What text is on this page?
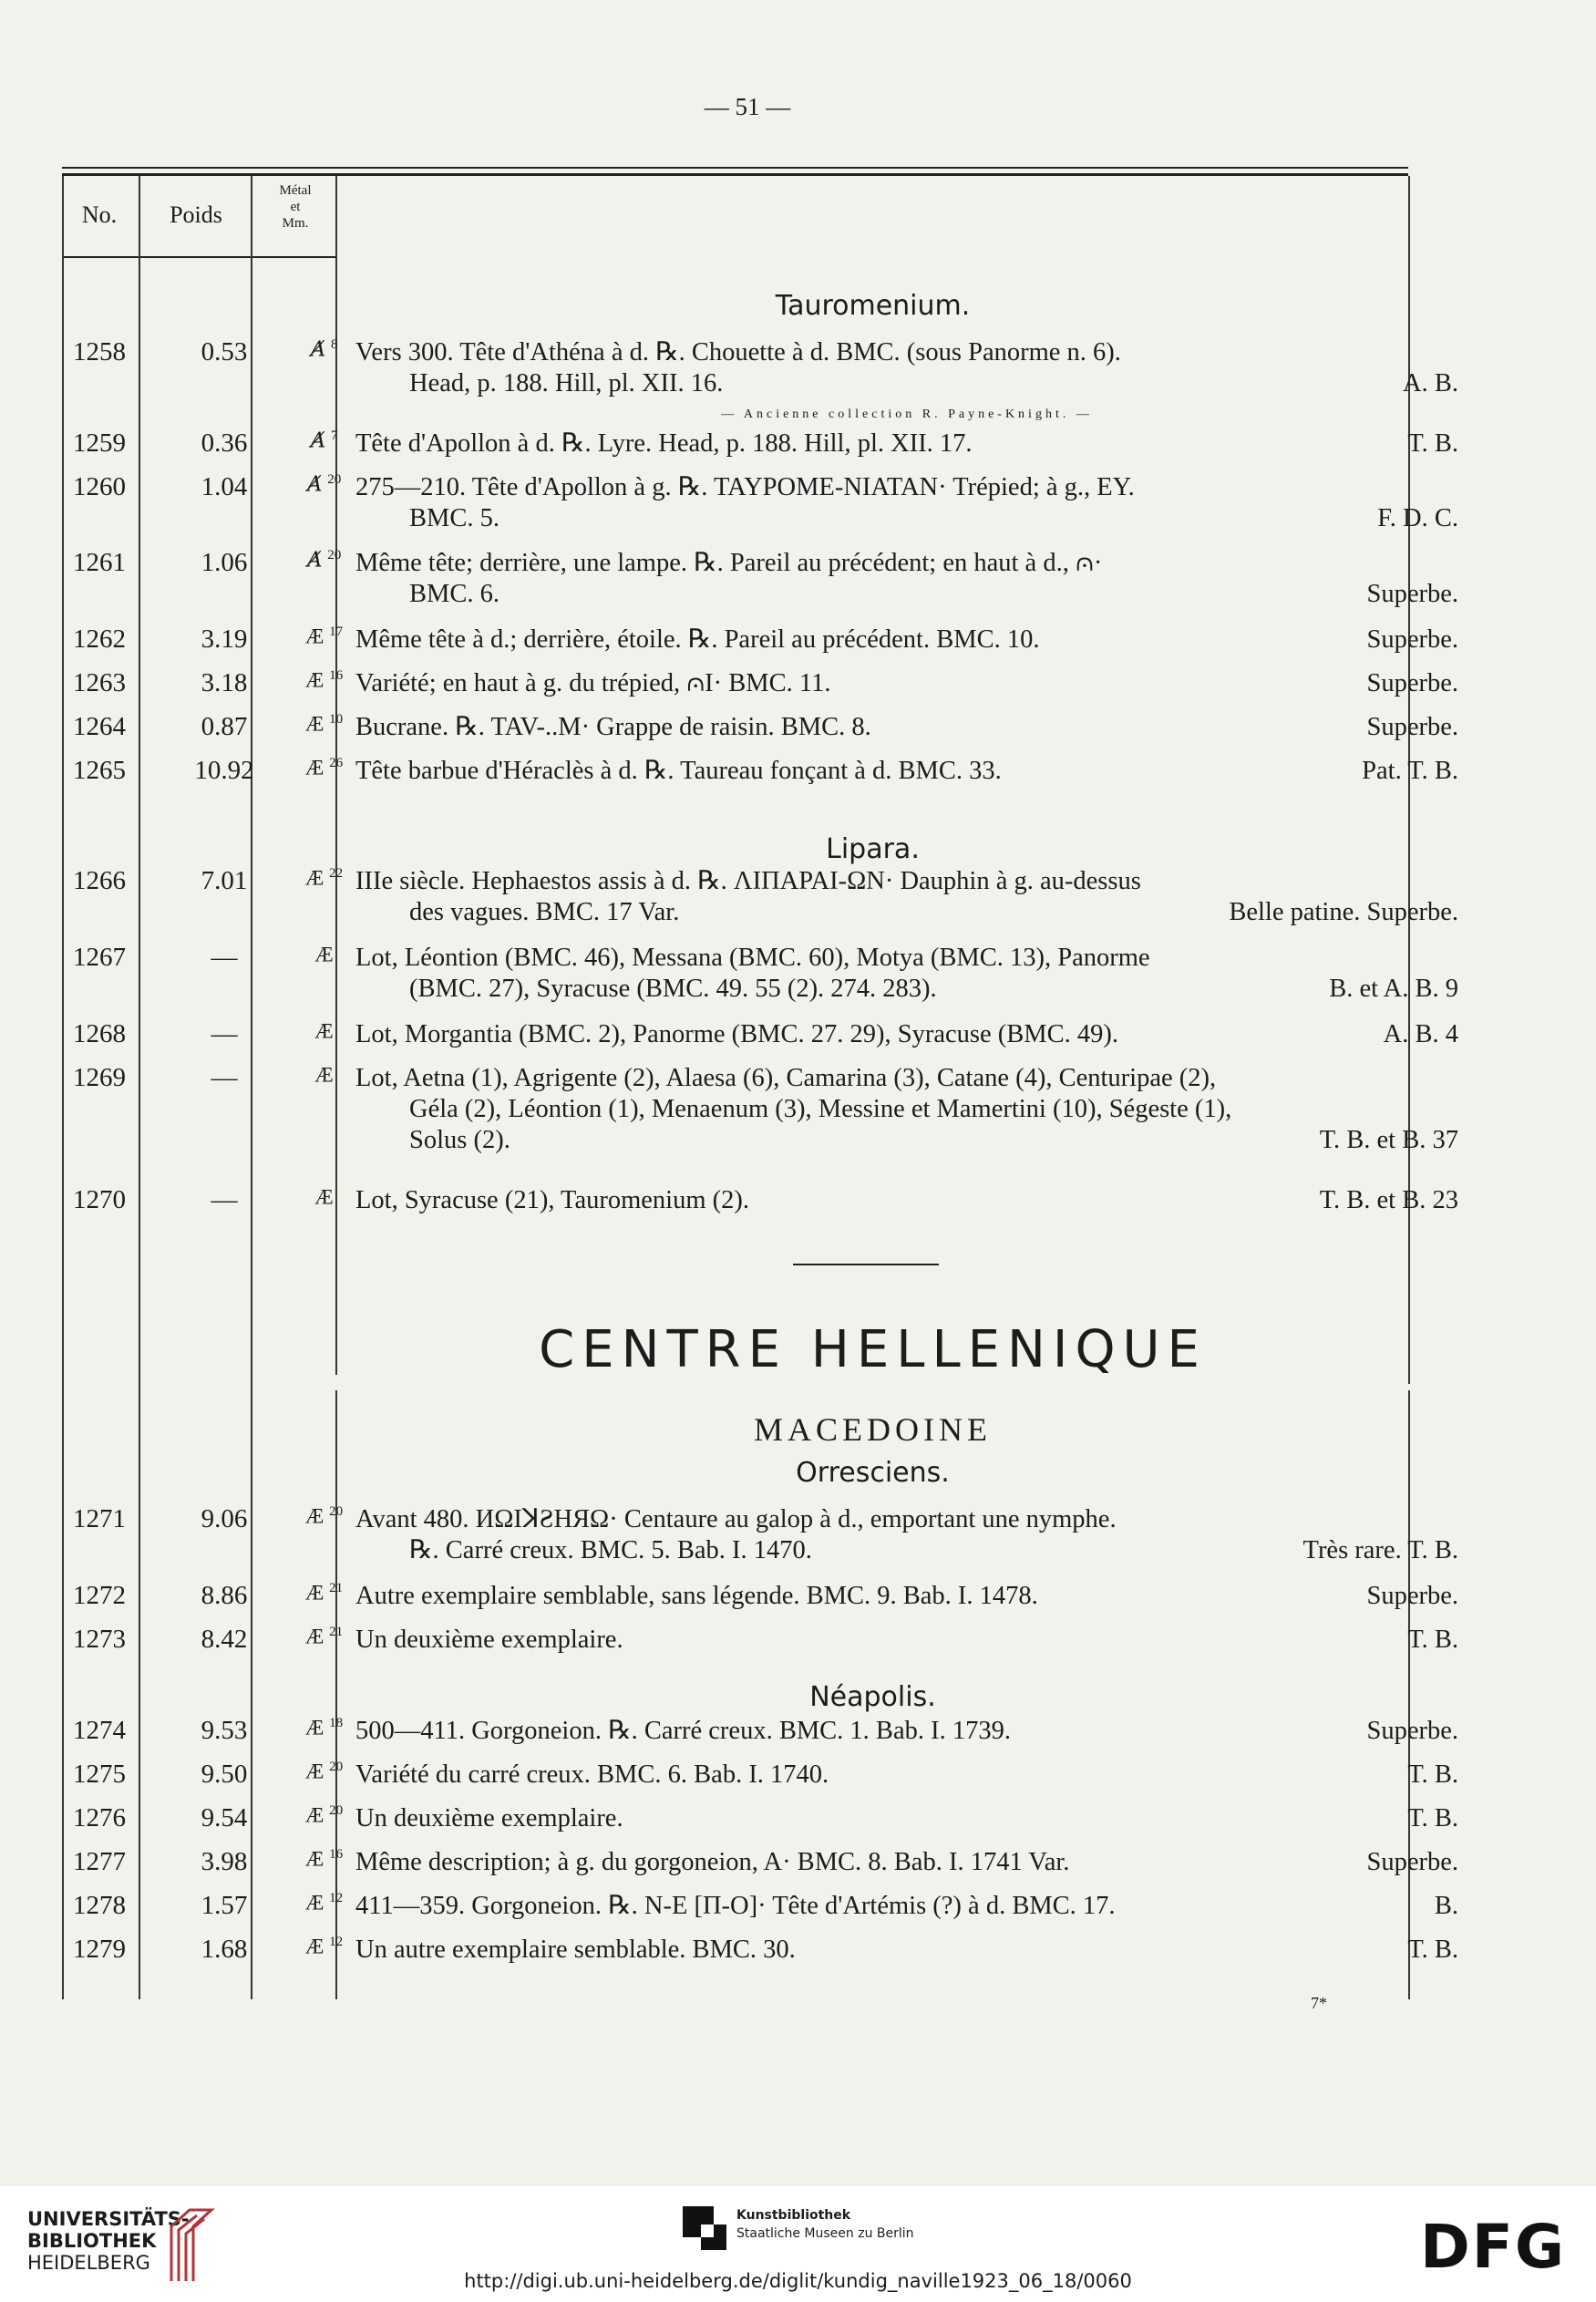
— 51 —
No.	Poids
Métal
et
Mm.
Tauromenium.
Lipara.
CENTRE HELLENIQUE
MACEDOINE
Orresciens.
Néapolis.
1258	0.53	𝐴̸ $^8$ Vers 300. Tête d'Athéna à d. ℞. Chouette à d. BMC. (sous Panorme n. 6).
Head, p. 188. Hill, pl. XII. 16.	A. B.
— Ancienne collection R. Payne-Knight. —
1259	0.36	𝐴̸ $^7$ Tête d'Apollon à d. ℞. Lyre. Head, p. 188. Hill, pl. XII. 17.	T. B.
1260	1.04	𝐴̸ $^{20}$ 275—210. Tête d'Apollon à g. ℞. TAYPOME-NIATAN· Trépied; à g., EY.
BMC. 5.	F. D. C.
1261	1.06	𝐴̸ $^{20}$ Même tête; derrière, une lampe. ℞. Pareil au précédent; en haut à d., ⩀·
BMC. 6.	Superbe.
1262	3.19	Æ $^{17}$ Même tête à d.; derrière, étoile. ℞. Pareil au précédent. BMC. 10.	Superbe.
1263	3.18	Æ $^{16}$ Variété; en haut à g. du trépied, ⩀I· BMC. 11.	Superbe.
1264	0.87	Æ $^{10}$ Bucrane. ℞. TAV-..M· Grappe de raisin. BMC. 8.	Superbe.
1265	10.92	Æ $^{26}$ Tête barbue d'Héraclès à d. ℞. Taureau fonçant à d. BMC. 33.	Pat. T. B.
1266	7.01	Æ $^{22}$ IIIe siècle. Hephaestos assis à d. ℞. ΛΙΠΑΡΑΙ-ΩΝ· Dauphin à g. au-dessus
des vagues. BMC. 17 Var.	Belle patine. Superbe.
1267	—	Æ Lot, Léontion (BMC. 46), Messana (BMC. 60), Motya (BMC. 13), Panorme
(BMC. 27), Syracuse (BMC. 49. 55 (2). 274. 283).	B. et A. B. 9
1268	—	Æ Lot, Morgantia (BMC. 2), Panorme (BMC. 27. 29), Syracuse (BMC. 49).	A. B. 4
1269	—	Æ Lot, Aetna (1), Agrigente (2), Alaesa (6), Camarina (3), Catane (4), Centuripae (2),
Géla (2), Léontion (1), Menaenum (3), Messine et Mamertini (10), Ségeste (1),
Solus (2).	T. B. et B. 37
1270	—	Æ Lot, Syracuse (21), Tauromenium (2).	T. B. et B. 23
1271	9.06	Æ $^{20}$ Avant 480. ИΩIꓘƧHЯΩ· Centaure au galop à d., emportant une nymphe.
℞. Carré creux. BMC. 5. Bab. I. 1470.	Très rare. T. B.
1272	8.86	Æ $^{21}$ Autre exemplaire semblable, sans légende. BMC. 9. Bab. I. 1478.	Superbe.
1273	8.42	Æ $^{21}$ Un deuxième exemplaire.	T. B.
1274	9.53	Æ $^{18}$ 500—411. Gorgoneion. ℞. Carré creux. BMC. 1. Bab. I. 1739.	Superbe.
1275	9.50	Æ $^{20}$ Variété du carré creux. BMC. 6. Bab. I. 1740.	T. B.
1276	9.54	Æ $^{20}$ Un deuxième exemplaire.	T. B.
1277	3.98	Æ $^{16}$ Même description; à g. du gorgoneion, A· BMC. 8. Bab. I. 1741 Var.	Superbe.
1278	1.57	Æ $^{12}$ 411—359. Gorgoneion. ℞. N-E [Π-O]· Tête d'Artémis (?) à d. BMC. 17.	B.
1279	1.68	Æ $^{12}$ Un autre exemplaire semblable. BMC. 30.	T. B.
7*
UNIVERSITÄTS-
BIBLIOTHEK
HEIDELBERG
Kunstbibliothek
Staatliche Museen zu Berlin	DFG
http://digi.ub.uni-heidelberg.de/diglit/kundig_naville1923_06_18/0060
